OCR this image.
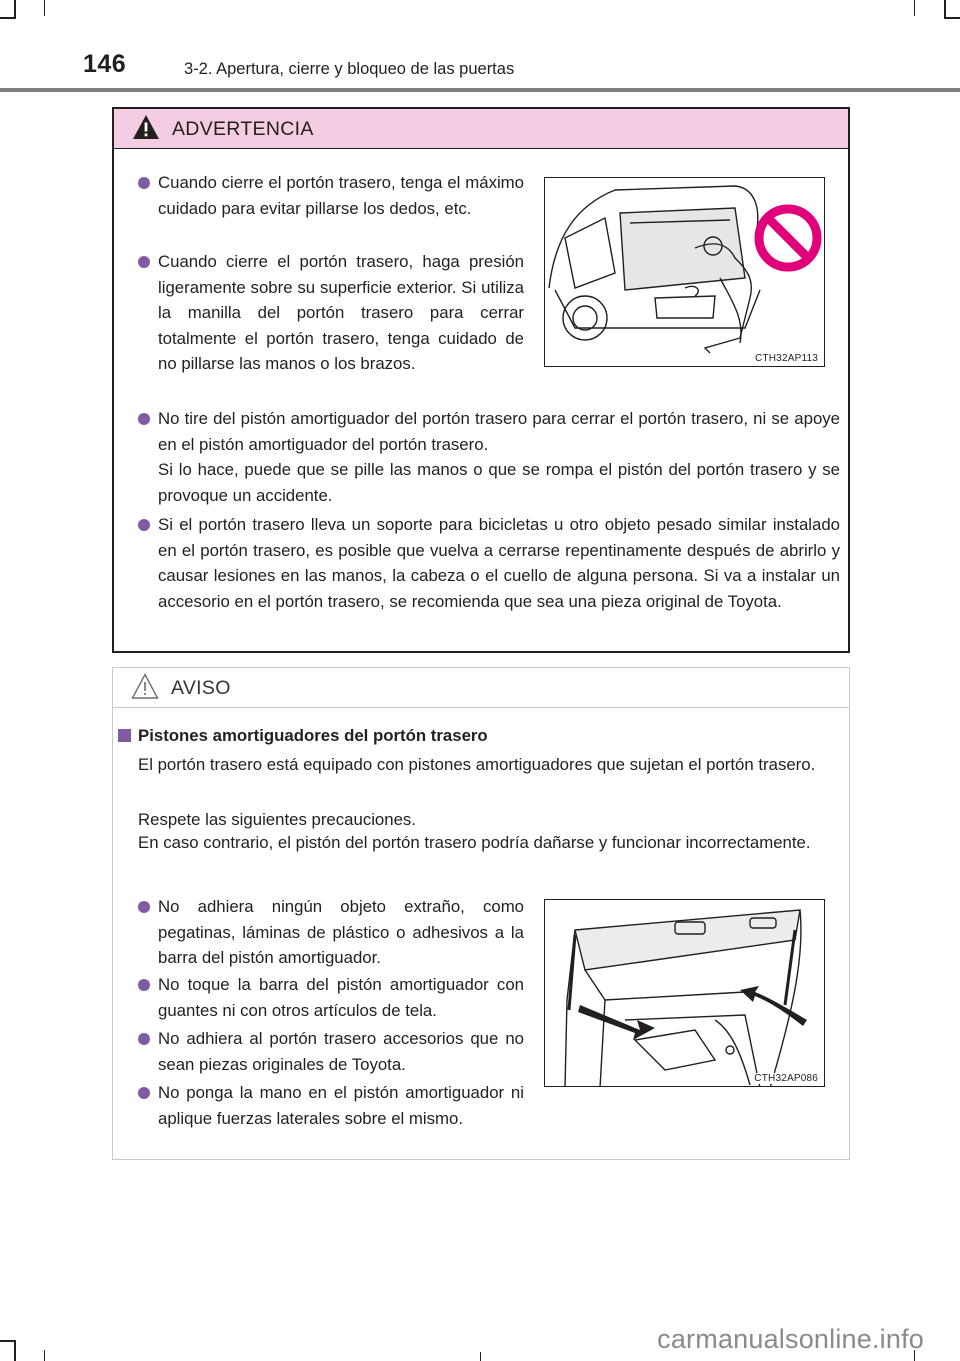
146	3-2. Apertura, cierre y bloqueo de las puertas
ADVERTENCIA
Cuando cierre el portón trasero, tenga el máximo cuidado para evitar pillarse los dedos, etc.
Cuando cierre el portón trasero, haga presión ligeramente sobre su superficie exterior. Si utiliza la manilla del portón trasero para cerrar totalmente el portón trasero, tenga cuidado de no pillarse las manos o los brazos.
No tire del pistón amortiguador del portón trasero para cerrar el portón trasero, ni se apoye en el pistón amortiguador del portón trasero.
Si lo hace, puede que se pille las manos o que se rompa el pistón del portón trasero y se provoque un accidente.
Si el portón trasero lleva un soporte para bicicletas u otro objeto pesado similar instalado en el portón trasero, es posible que vuelva a cerrarse repentinamente después de abrirlo y causar lesiones en las manos, la cabeza o el cuello de alguna persona. Si va a instalar un accesorio en el portón trasero, se recomienda que sea una pieza original de Toyota.
CTH32AP113
AVISO
Pistones amortiguadores del portón trasero
El portón trasero está equipado con pistones amortiguadores que sujetan el portón trasero.
Respete las siguientes precauciones.
En caso contrario, el pistón del portón trasero podría dañarse y funcionar incorrectamente.
No adhiera ningún objeto extraño, como pegatinas, láminas de plástico o adhesivos a la barra del pistón amortiguador.
No toque la barra del pistón amortiguador con guantes ni con otros artículos de tela.
No adhiera al portón trasero accesorios que no sean piezas originales de Toyota.
No ponga la mano en el pistón amortiguador ni aplique fuerzas laterales sobre el mismo.
CTH32AP086
carmanualsonline.info
